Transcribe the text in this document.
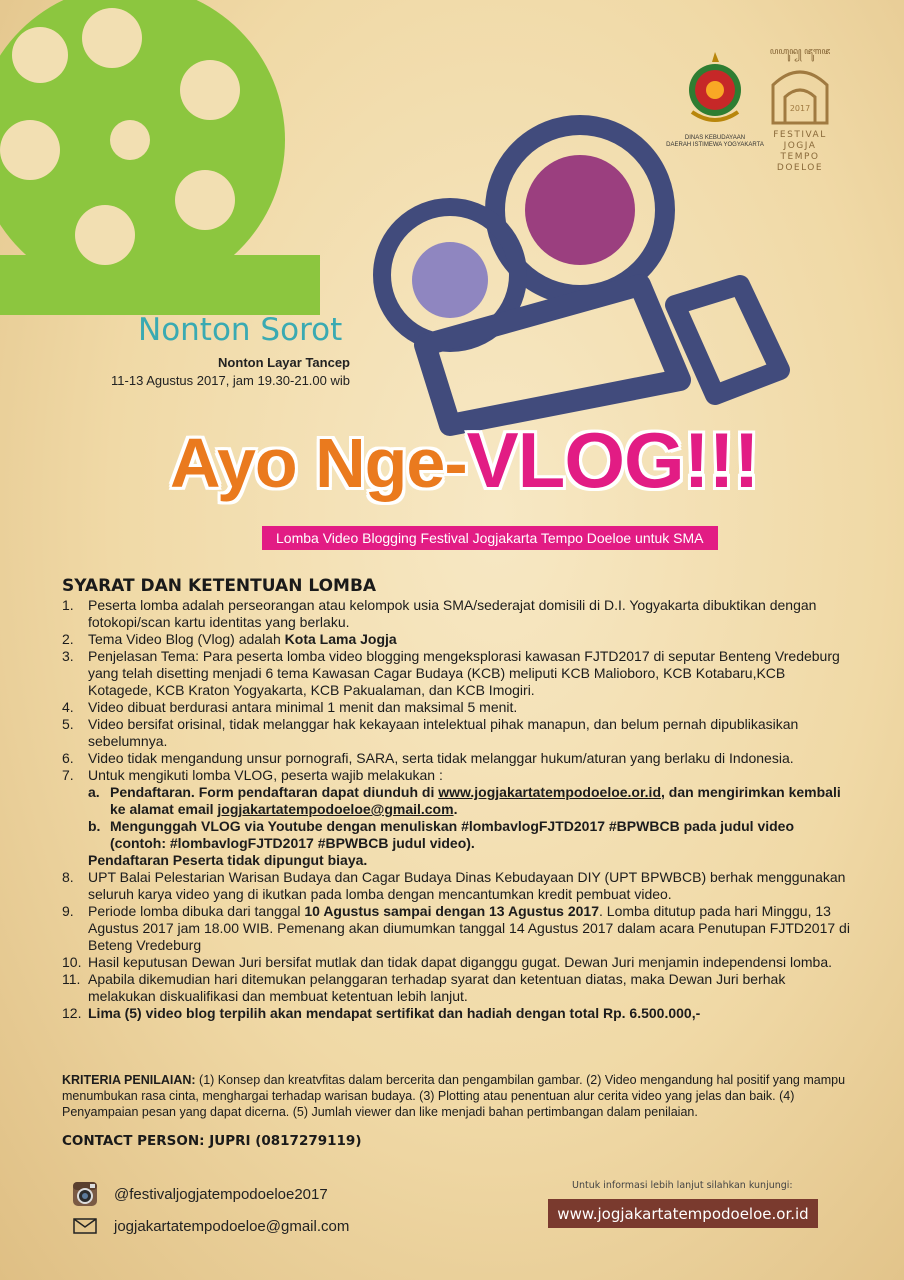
DINAS KEBUDAYAAN
DAERAH ISTIMEWA YOGYAKARTA
ꦥꦲꦸꦤ꧀ ꦗꦸꦒꦗ
2017
FESTIVAL JOGJA
TEMPO DOELOE
Nonton Sorot
Nonton Layar Tancep
11-13 Agustus 2017, jam 19.30-21.00 wib
Ayo Nge-VLOG!!!
Lomba Video Blogging Festival Jogjakarta Tempo Doeloe untuk SMA
SYARAT DAN KETENTUAN LOMBA
1.	Peserta lomba adalah perseorangan atau kelompok usia SMA/sederajat domisili di D.I. Yogyakarta dibuktikan dengan fotokopi/scan kartu identitas yang berlaku.
2.	Tema Video Blog (Vlog) adalah Kota Lama Jogja
3.	Penjelasan Tema: Para peserta lomba video blogging mengeksplorasi kawasan FJTD2017 di seputar Benteng Vredeburg yang telah disetting menjadi 6 tema Kawasan Cagar Budaya (KCB) meliputi KCB Malioboro, KCB Kotabaru,KCB Kotagede, KCB Kraton Yogyakarta, KCB Pakualaman, dan KCB Imogiri.
4.	Video dibuat berdurasi antara minimal 1 menit dan maksimal 5 menit.
5.	Video bersifat orisinal, tidak melanggar hak kekayaan intelektual pihak manapun, dan belum pernah dipublikasikan sebelumnya.
6.	Video tidak mengandung unsur pornografi, SARA, serta tidak melanggar hukum/aturan yang berlaku di Indonesia.
7.	Untuk mengikuti lomba VLOG, peserta wajib melakukan :
a. Pendaftaran. Form pendaftaran dapat diunduh di www.jogjakartatempodoeloe.or.id, dan mengirimkan kembali ke alamat email jogjakartatempodoeloe@gmail.com.
b. Mengunggah VLOG via Youtube dengan menuliskan #lombavlogFJTD2017 #BPWBCB pada judul video (contoh: #lombavlogFJTD2017 #BPWBCB judul video).
Pendaftaran Peserta tidak dipungut biaya.
8.	UPT Balai Pelestarian Warisan Budaya dan Cagar Budaya Dinas Kebudayaan DIY (UPT BPWBCB) berhak menggunakan seluruh karya video yang di ikutkan pada lomba dengan mencantumkan kredit pembuat video.
9.	Periode lomba dibuka dari tanggal 10 Agustus sampai dengan 13 Agustus 2017. Lomba ditutup pada hari Minggu, 13 Agustus 2017 jam 18.00 WIB. Pemenang akan diumumkan tanggal 14 Agustus 2017 dalam acara Penutupan FJTD2017 di Beteng Vredeburg
10. Hasil keputusan Dewan Juri bersifat mutlak dan tidak dapat diganggu gugat. Dewan Juri menjamin independensi lomba.
11. Apabila dikemudian hari ditemukan pelanggaran terhadap syarat dan ketentuan diatas, maka Dewan Juri berhak melakukan diskualifikasi dan membuat ketentuan lebih lanjut.
12. Lima (5) video blog terpilih akan mendapat sertifikat dan hadiah dengan total Rp. 6.500.000,-
KRITERIA PENILAIAN: (1) Konsep dan kreatvfitas dalam bercerita dan pengambilan gambar. (2) Video mengandung hal positif yang mampu menumbukan rasa cinta, menghargai terhadap warisan budaya. (3) Plotting atau penentuan alur cerita video yang jelas dan baik. (4) Penyampaian pesan yang dapat dicerna. (5) Jumlah viewer dan like menjadi bahan pertimbangan dalam penilaian.
CONTACT PERSON: JUPRI (0817279119)
@festivaljogjatempodoeloe2017
jogjakartatempodoeloe@gmail.com
Untuk informasi lebih lanjut silahkan kunjungi:
www.jogjakartatempodoeloe.or.id
